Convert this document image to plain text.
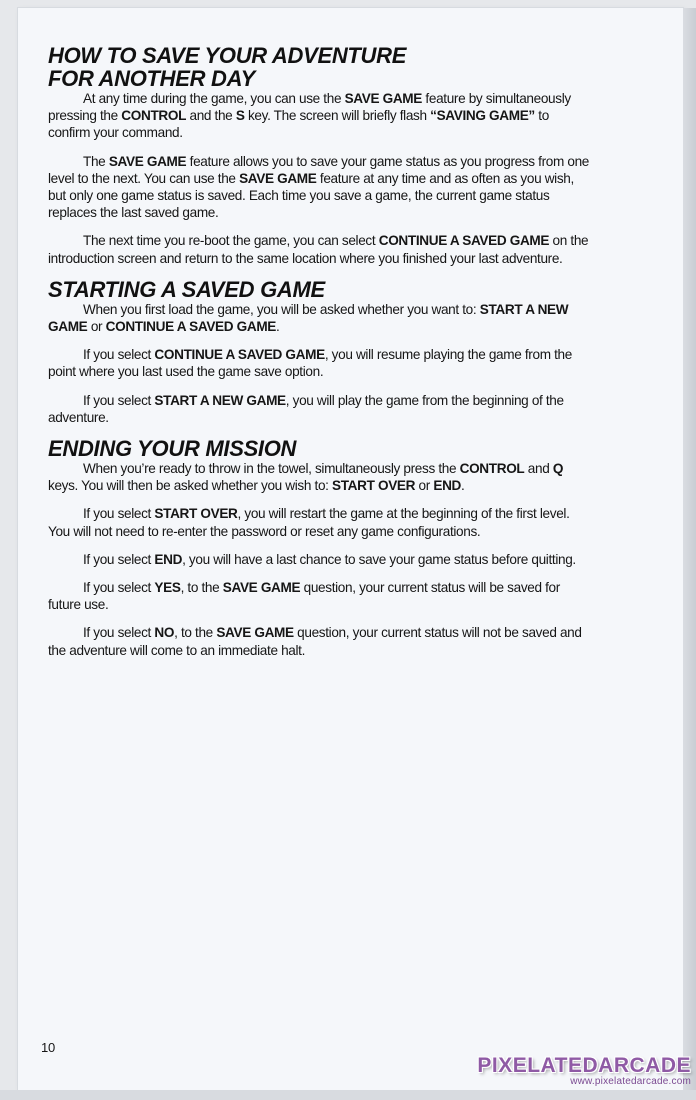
HOW TO SAVE YOUR ADVENTURE
FOR ANOTHER DAY

At any time during the game, you can use the SAVE GAME feature by simultaneously pressing the CONTROL and the S key. The screen will briefly flash “SAVING GAME” to confirm your command.

The SAVE GAME feature allows you to save your game status as you progress from one level to the next. You can use the SAVE GAME feature at any time and as often as you wish, but only one game status is saved. Each time you save a game, the current game status replaces the last saved game.

The next time you re-boot the game, you can select CONTINUE A SAVED GAME on the introduction screen and return to the same location where you finished your last adventure.

STARTING A SAVED GAME

When you first load the game, you will be asked whether you want to: START A NEW GAME or CONTINUE A SAVED GAME.

If you select CONTINUE A SAVED GAME, you will resume playing the game from the point where you last used the game save option.

If you select START A NEW GAME, you will play the game from the beginning of the adventure.

ENDING YOUR MISSION

When you’re ready to throw in the towel, simultaneously press the CONTROL and Q keys. You will then be asked whether you wish to: START OVER or END.

If you select START OVER, you will restart the game at the beginning of the first level. You will not need to re-enter the password or reset any game configurations.

If you select END, you will have a last chance to save your game status before quitting.

If you select YES, to the SAVE GAME question, your current status will be saved for future use.

If you select NO, to the SAVE GAME question, your current status will not be saved and the adventure will come to an immediate halt.

10
PIXELATEDARCADE
www.pixelatedarcade.com
